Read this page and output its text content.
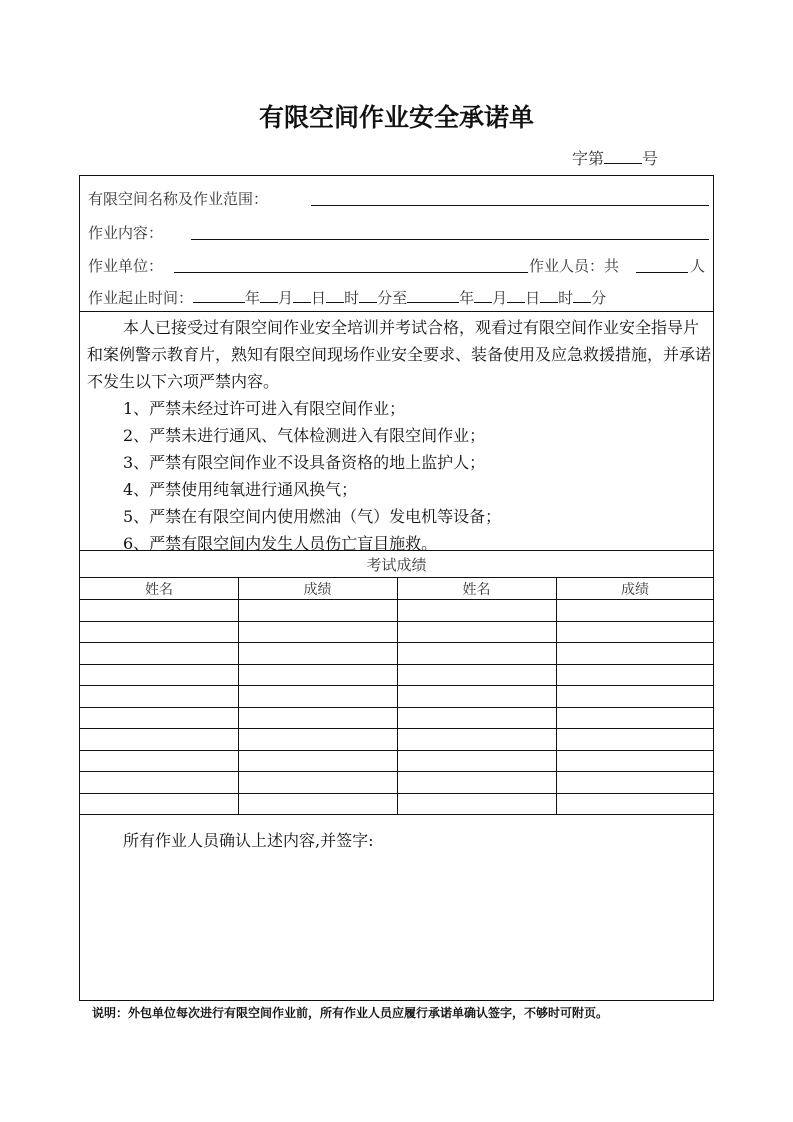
有限空间作业安全承诺单
字第 号
有限空间名称及作业范围：
作业内容：
作业单位：	作业人员：共	人
作业起止时间：	年 月 日 时 分至	年 月 日 时 分
本人已接受过有限空间作业安全培训并考试合格，观看过有限空间作业安全指导片和案例警示教育片，熟知有限空间现场作业安全要求、装备使用及应急救援措施，并承诺不发生以下六项严禁内容。
1、严禁未经过许可进入有限空间作业；
2、严禁未进行通风、气体检测进入有限空间作业；
3、严禁有限空间作业不设具备资格的地上监护人；
4、严禁使用纯氧进行通风换气；
5、严禁在有限空间内使用燃油（气）发电机等设备；
6、严禁有限空间内发生人员伤亡盲目施救。
考试成绩
姓名	成绩	姓名	成绩
所有作业人员确认上述内容,并签字:
说明：外包单位每次进行有限空间作业前，所有作业人员应履行承诺单确认签字，不够时可附页。
